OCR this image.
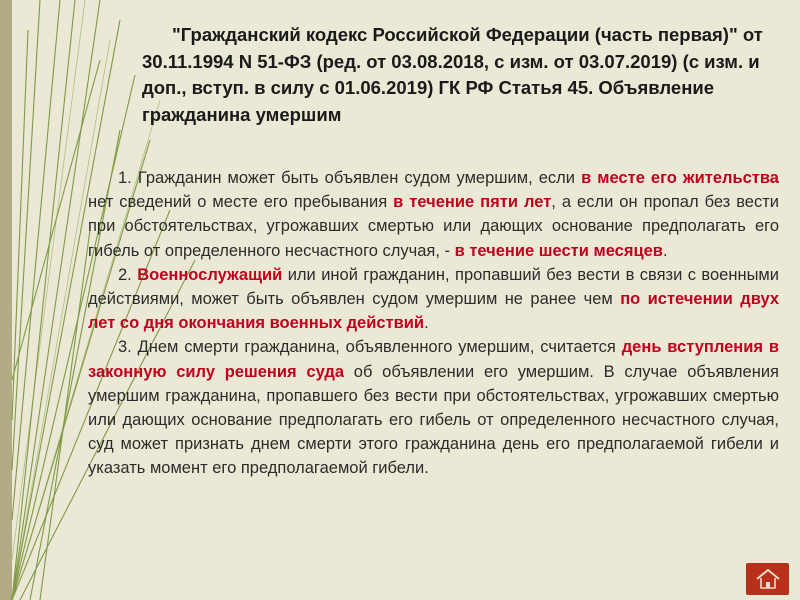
"Гражданский кодекс Российской Федерации (часть первая)" от 30.11.1994 N 51-ФЗ (ред. от 03.08.2018, с изм. от 03.07.2019) (с изм. и доп., вступ. в силу с 01.06.2019) ГК РФ Статья 45. Объявление гражданина умершим

1. Гражданин может быть объявлен судом умершим, если в месте его жительства нет сведений о месте его пребывания в течение пяти лет, а если он пропал без вести при обстоятельствах, угрожавших смертью или дающих основание предполагать его гибель от определенного несчастного случая, - в течение шести месяцев.

2. Военнослужащий или иной гражданин, пропавший без вести в связи с военными действиями, может быть объявлен судом умершим не ранее чем по истечении двух лет со дня окончания военных действий.

3. Днем смерти гражданина, объявленного умершим, считается день вступления в законную силу решения суда об объявлении его умершим. В случае объявления умершим гражданина, пропавшего без вести при обстоятельствах, угрожавших смертью или дающих основание предполагать его гибель от определенного несчастного случая, суд может признать днем смерти этого гражданина день его предполагаемой гибели и указать момент его предполагаемой гибели.
